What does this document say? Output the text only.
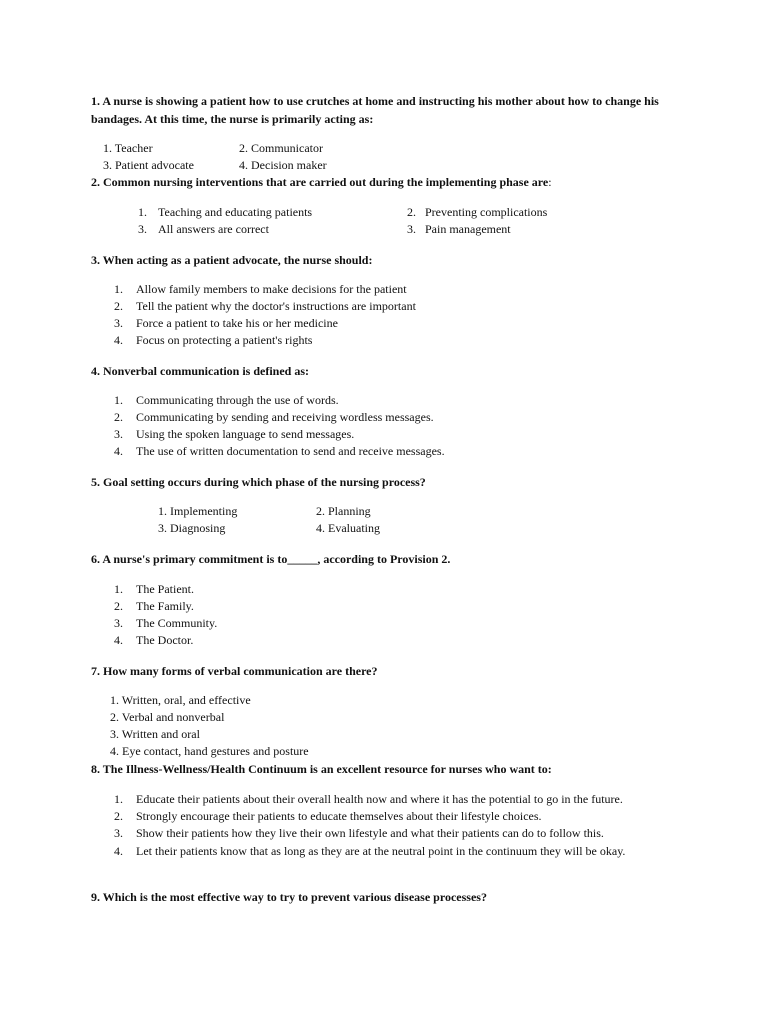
1. A nurse is showing a patient how to use crutches at home and instructing his mother about how to change his bandages. At this time, the nurse is primarily acting as:
1. Teacher	2. Communicator
3. Patient advocate	4. Decision maker
2. Common nursing interventions that are carried out during the implementing phase are:
1. Teaching and educating patients	2. Preventing complications
3. All answers are correct	3. Pain management
3. When acting as a patient advocate, the nurse should:
1. Allow family members to make decisions for the patient
2. Tell the patient why the doctor's instructions are important
3. Force a patient to take his or her medicine
4. Focus on protecting a patient's rights
4. Nonverbal communication is defined as:
1. Communicating through the use of words.
2. Communicating by sending and receiving wordless messages.
3. Using the spoken language to send messages.
4. The use of written documentation to send and receive messages.
5. Goal setting occurs during which phase of the nursing process?
1. Implementing	2. Planning
3. Diagnosing	4. Evaluating
6. A nurse's primary commitment is to_____, according to Provision 2.
1. The Patient.
2. The Family.
3. The Community.
4. The Doctor.
7. How many forms of verbal communication are there?
1. Written, oral, and effective
2. Verbal and nonverbal
3. Written and oral
4. Eye contact, hand gestures and posture
8. The Illness-Wellness/Health Continuum is an excellent resource for nurses who want to:
1. Educate their patients about their overall health now and where it has the potential to go in the future.
2. Strongly encourage their patients to educate themselves about their lifestyle choices.
3. Show their patients how they live their own lifestyle and what their patients can do to follow this.
4. Let their patients know that as long as they are at the neutral point in the continuum they will be okay.
9. Which is the most effective way to try to prevent various disease processes?
